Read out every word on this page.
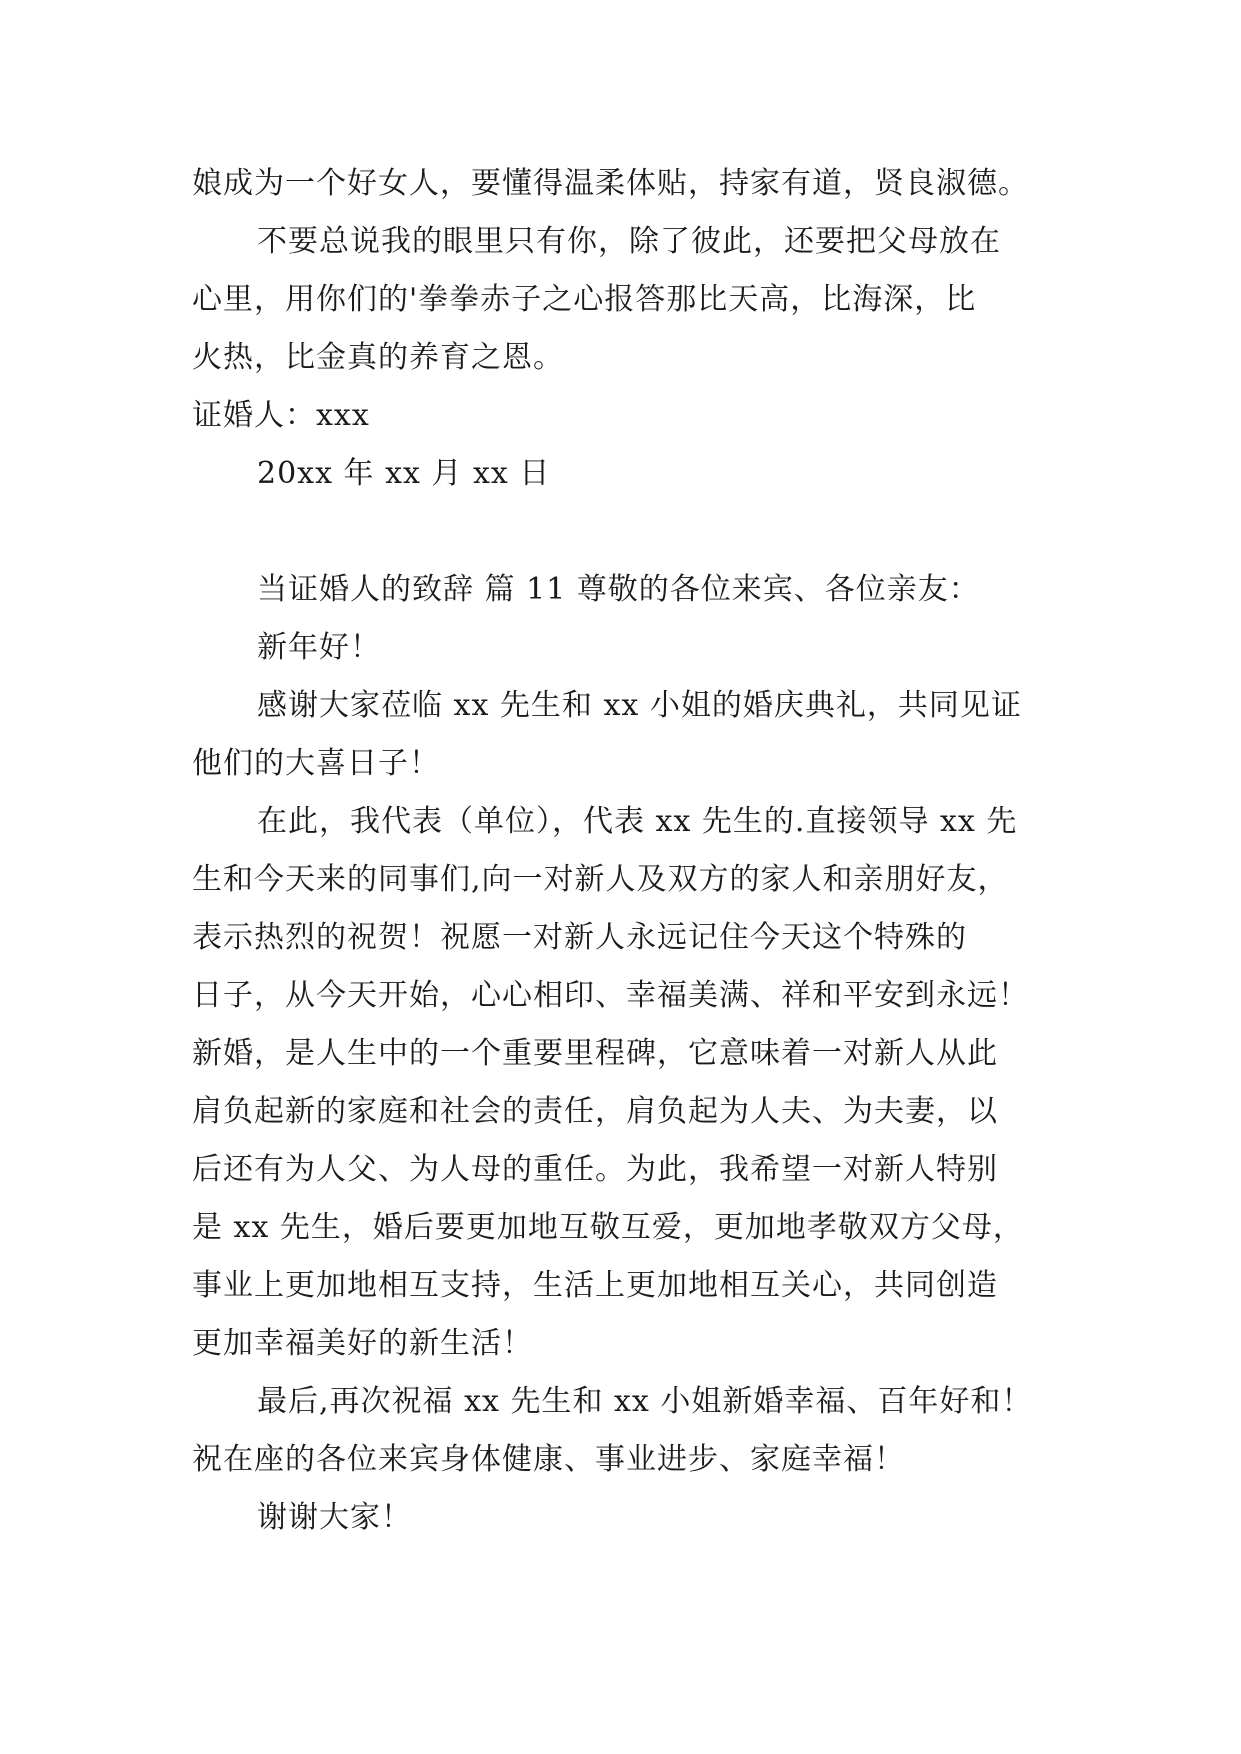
娘成为一个好女人，要懂得温柔体贴，持家有道，贤良淑德。
不要总说我的眼里只有你，除了彼此，还要把父母放在
心里，用你们的'拳拳赤子之心报答那比天高，比海深，比
火热，比金真的养育之恩。
证婚人：xxx
20xx 年 xx 月 xx 日
当证婚人的致辞 篇 11 尊敬的各位来宾、各位亲友：
新年好！
感谢大家莅临 xx 先生和 xx 小姐的婚庆典礼，共同见证
他们的大喜日子！
在此，我代表（单位），代表 xx 先生的.直接领导 xx 先
生和今天来的同事们,向一对新人及双方的家人和亲朋好友，
表示热烈的祝贺！祝愿一对新人永远记住今天这个特殊的
日子，从今天开始，心心相印、幸福美满、祥和平安到永远！
新婚，是人生中的一个重要里程碑，它意味着一对新人从此
肩负起新的家庭和社会的责任，肩负起为人夫、为夫妻，以
后还有为人父、为人母的重任。为此，我希望一对新人特别
是 xx 先生，婚后要更加地互敬互爱，更加地孝敬双方父母，
事业上更加地相互支持，生活上更加地相互关心，共同创造
更加幸福美好的新生活！
最后,再次祝福 xx 先生和 xx 小姐新婚幸福、百年好和！
祝在座的各位来宾身体健康、事业进步、家庭幸福！
谢谢大家！
